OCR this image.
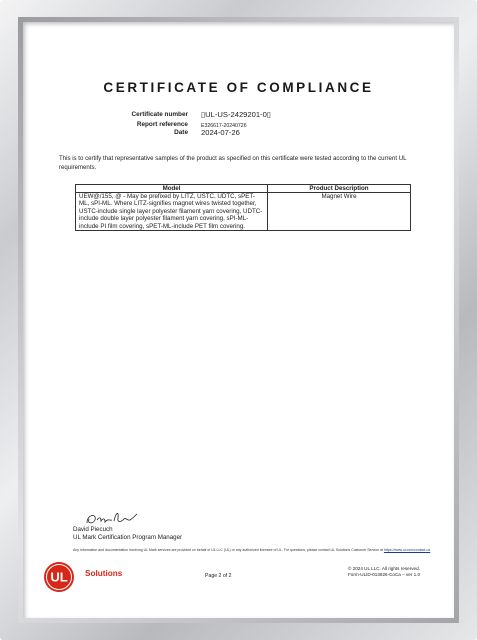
CERTIFICATE OF COMPLIANCE
Certificate number ▯UL-US-2429201-0▯
Report reference	E326617-20240726
Date 2024-07-26
This is to certify that representative samples of the product as specified on this certificate were tested according to the current UL requirements.
Model	Product Description
UEW@/155, @ - May be prefixed by LITZ, USTC, UDTC, sPET-ML, sPI-ML. Where LITZ-signifies magnet wires twisted together, USTC-include single layer polyester filament yarn covering, UDTC-include double layer polyester filament yarn covering, sPI-ML-include PI film covering, sPET-ML-include PET film covering.	Magnet Wire
David Piecuch
UL Mark Certification Program Manager
Any information and documentation involving UL Mark services are provided on behalf of UL LLC (UL) or any authorized licensee of UL. For questions, please contact UL Solutions Customer Service at https://www.ul.com/contact-us
UL Solutions	Page 2 of 2
© 2024 UL LLC. All rights reserved.
Form-ULID-013926-CoCa – ver 1.0
